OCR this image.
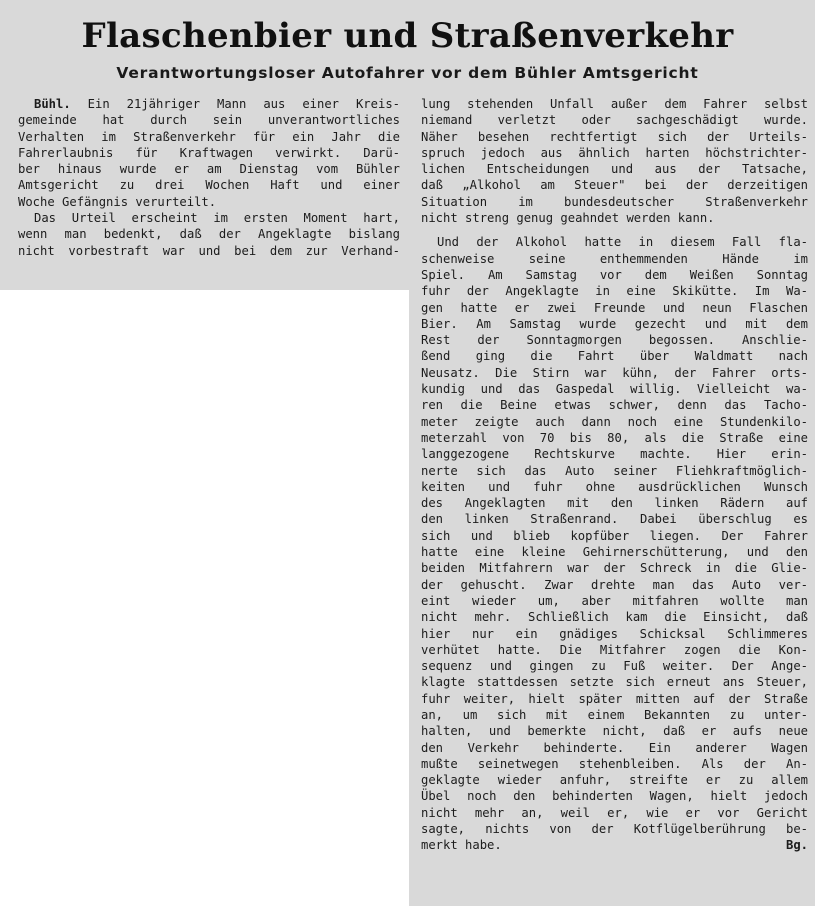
Flaschenbier und Straßenverkehr
Verantwortungsloser Autofahrer vor dem Bühler Amtsgericht
Bühl. Ein 21jähriger Mann aus einer Kreis-
gemeinde hat durch sein unverantwortliches
Verhalten im Straßenverkehr für ein Jahr die
Fahrerlaubnis für Kraftwagen verwirkt. Darü-
ber hinaus wurde er am Dienstag vom Bühler
Amtsgericht zu drei Wochen Haft und einer
Woche Gefängnis verurteilt.
Das Urteil erscheint im ersten Moment hart,
wenn man bedenkt, daß der Angeklagte bislang
nicht vorbestraft war und bei dem zur Verhand-
lung stehenden Unfall außer dem Fahrer selbst
niemand verletzt oder sachgeschädigt wurde.
Näher besehen rechtfertigt sich der Urteils-
spruch jedoch aus ähnlich harten höchstrichter-
lichen Entscheidungen und aus der Tatsache,
daß „Alkohol am Steuer" bei der derzeitigen
Situation im bundesdeutscher Straßenverkehr
nicht streng genug geahndet werden kann.
Und der Alkohol hatte in diesem Fall fla-
schenweise seine enthemmenden Hände im
Spiel. Am Samstag vor dem Weißen Sonntag
fuhr der Angeklagte in eine Skikütte. Im Wa-
gen hatte er zwei Freunde und neun Flaschen
Bier. Am Samstag wurde gezecht und mit dem
Rest der Sonntagmorgen begossen. Anschlie-
ßend ging die Fahrt über Waldmatt nach
Neusatz. Die Stirn war kühn, der Fahrer orts-
kundig und das Gaspedal willig. Vielleicht wa-
ren die Beine etwas schwer, denn das Tacho-
meter zeigte auch dann noch eine Stundenkilo-
meterzahl von 70 bis 80, als die Straße eine
langgezogene Rechtskurve machte. Hier erin-
nerte sich das Auto seiner Fliehkraftmöglich-
keiten und fuhr ohne ausdrücklichen Wunsch
des Angeklagten mit den linken Rädern auf
den linken Straßenrand. Dabei überschlug es
sich und blieb kopfüber liegen. Der Fahrer
hatte eine kleine Gehirnerschütterung, und den
beiden Mitfahrern war der Schreck in die Glie-
der gehuscht. Zwar drehte man das Auto ver-
eint wieder um, aber mitfahren wollte man
nicht mehr. Schließlich kam die Einsicht, daß
hier nur ein gnädiges Schicksal Schlimmeres
verhütet hatte. Die Mitfahrer zogen die Kon-
sequenz und gingen zu Fuß weiter. Der Ange-
klagte stattdessen setzte sich erneut ans Steuer,
fuhr weiter, hielt später mitten auf der Straße
an, um sich mit einem Bekannten zu unter-
halten, und bemerkte nicht, daß er aufs neue
den Verkehr behinderte. Ein anderer Wagen
mußte seinetwegen stehenbleiben. Als der An-
geklagte wieder anfuhr, streifte er zu allem
Übel noch den behinderten Wagen, hielt jedoch
nicht mehr an, weil er, wie er vor Gericht
sagte, nichts von der Kotflügelberührung be-
merkt habe.	Bg.
